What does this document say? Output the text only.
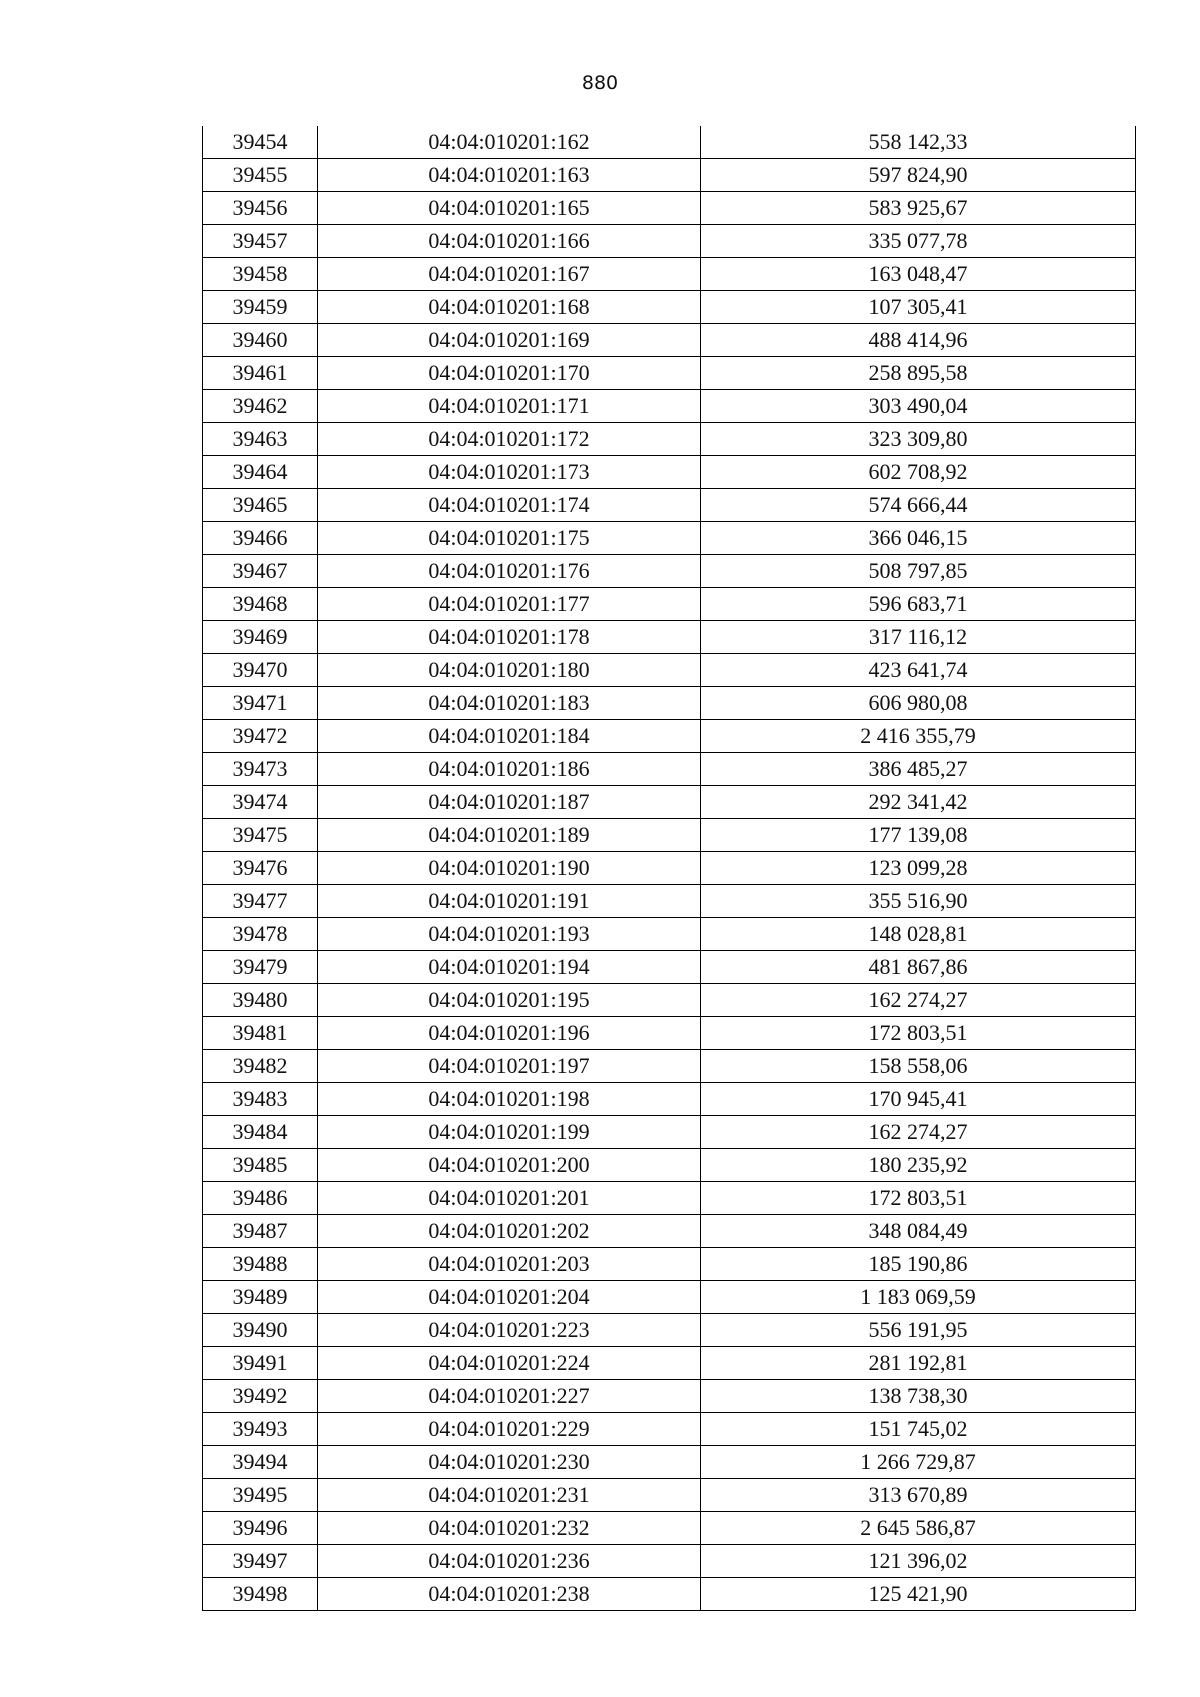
880
39454	04:04:010201:162	558 142,33
39455	04:04:010201:163	597 824,90
39456	04:04:010201:165	583 925,67
39457	04:04:010201:166	335 077,78
39458	04:04:010201:167	163 048,47
39459	04:04:010201:168	107 305,41
39460	04:04:010201:169	488 414,96
39461	04:04:010201:170	258 895,58
39462	04:04:010201:171	303 490,04
39463	04:04:010201:172	323 309,80
39464	04:04:010201:173	602 708,92
39465	04:04:010201:174	574 666,44
39466	04:04:010201:175	366 046,15
39467	04:04:010201:176	508 797,85
39468	04:04:010201:177	596 683,71
39469	04:04:010201:178	317 116,12
39470	04:04:010201:180	423 641,74
39471	04:04:010201:183	606 980,08
39472	04:04:010201:184	2 416 355,79
39473	04:04:010201:186	386 485,27
39474	04:04:010201:187	292 341,42
39475	04:04:010201:189	177 139,08
39476	04:04:010201:190	123 099,28
39477	04:04:010201:191	355 516,90
39478	04:04:010201:193	148 028,81
39479	04:04:010201:194	481 867,86
39480	04:04:010201:195	162 274,27
39481	04:04:010201:196	172 803,51
39482	04:04:010201:197	158 558,06
39483	04:04:010201:198	170 945,41
39484	04:04:010201:199	162 274,27
39485	04:04:010201:200	180 235,92
39486	04:04:010201:201	172 803,51
39487	04:04:010201:202	348 084,49
39488	04:04:010201:203	185 190,86
39489	04:04:010201:204	1 183 069,59
39490	04:04:010201:223	556 191,95
39491	04:04:010201:224	281 192,81
39492	04:04:010201:227	138 738,30
39493	04:04:010201:229	151 745,02
39494	04:04:010201:230	1 266 729,87
39495	04:04:010201:231	313 670,89
39496	04:04:010201:232	2 645 586,87
39497	04:04:010201:236	121 396,02
39498	04:04:010201:238	125 421,90
